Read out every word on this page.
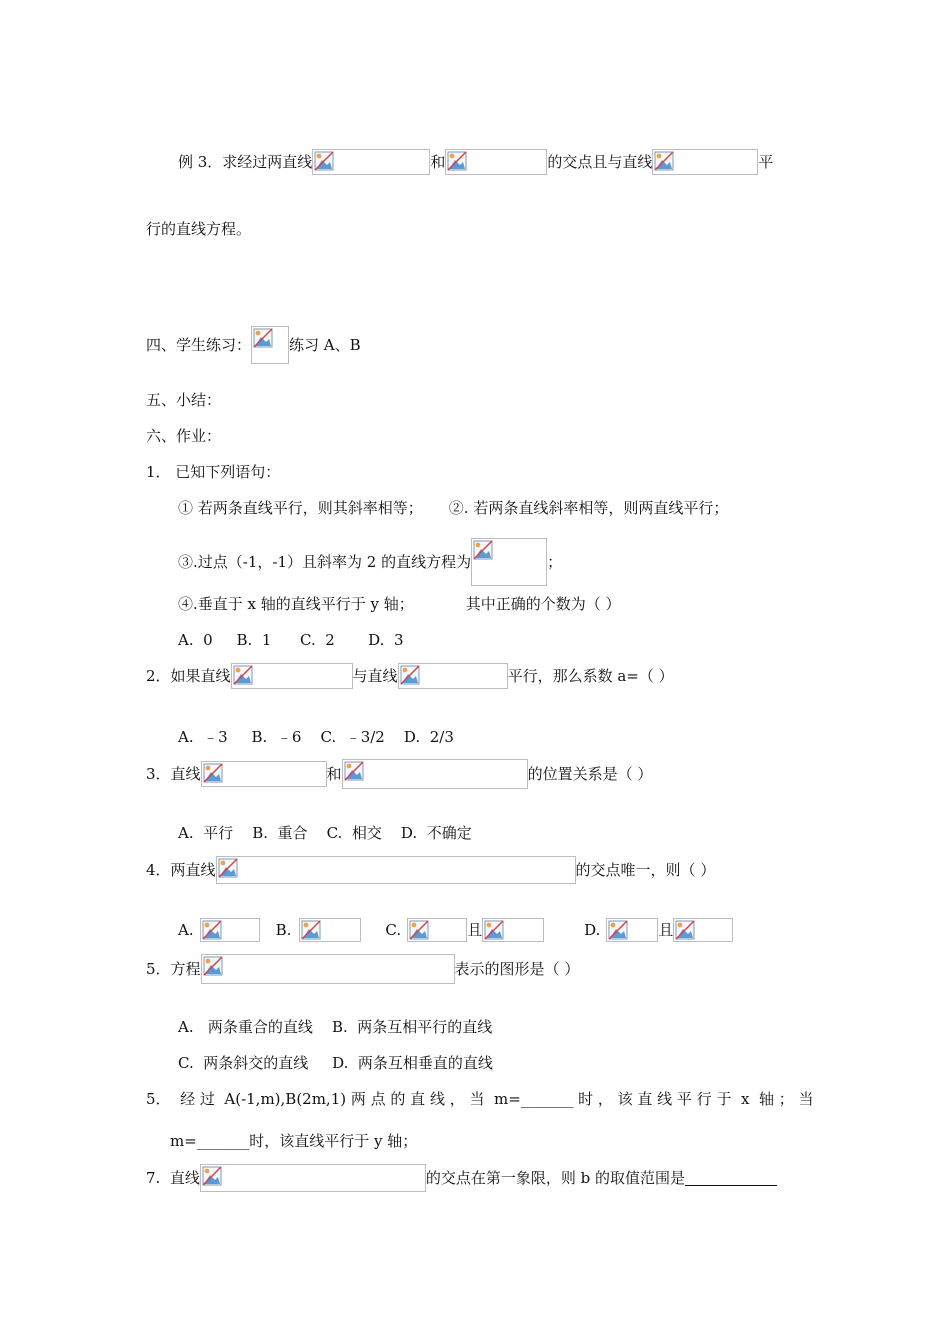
例 3．求经过两直线	和	的交点且与直线	平
行的直线方程。
四、学生练习：	练习 A、B
五、小结：
六、作业：
1． 已知下列语句：
① 若两条直线平行，则其斜率相等； ②. 若两条直线斜率相等，则两直线平行；
③.过点（-1，-1）且斜率为 2 的直线方程为	；
④.垂直于 x 轴的直线平行于 y 轴；	其中正确的个数为（ ）
A.  0     B.  1      C.  2       D.  3
2．如果直线	与直线	平行，那么系数 a=（ ）
A.  ﹣3     B.  ﹣6    C.  ﹣3/2    D.  2/3
3．直线	和	的位置关系是（ ）
A.  平行    B.  重合    C.  相交    D.  不确定
4．两直线	的交点唯一，则（ ）
A.	B.	C.	且	D.	且
5．方程	表示的图形是（ ）
A.   两条重合的直线    B.  两条互相平行的直线
C.  两条斜交的直线     D.  两条互相垂直的直线
5．  经 过  A(-1,m),B(2m,1) 两 点 的 直 线 ， 当  m=_______ 时 ， 该 直 线 平 行 于  x  轴 ； 当
m=_______时，该直线平行于 y 轴；
7.  直线	的交点在第一象限，则 b 的取值范围是
